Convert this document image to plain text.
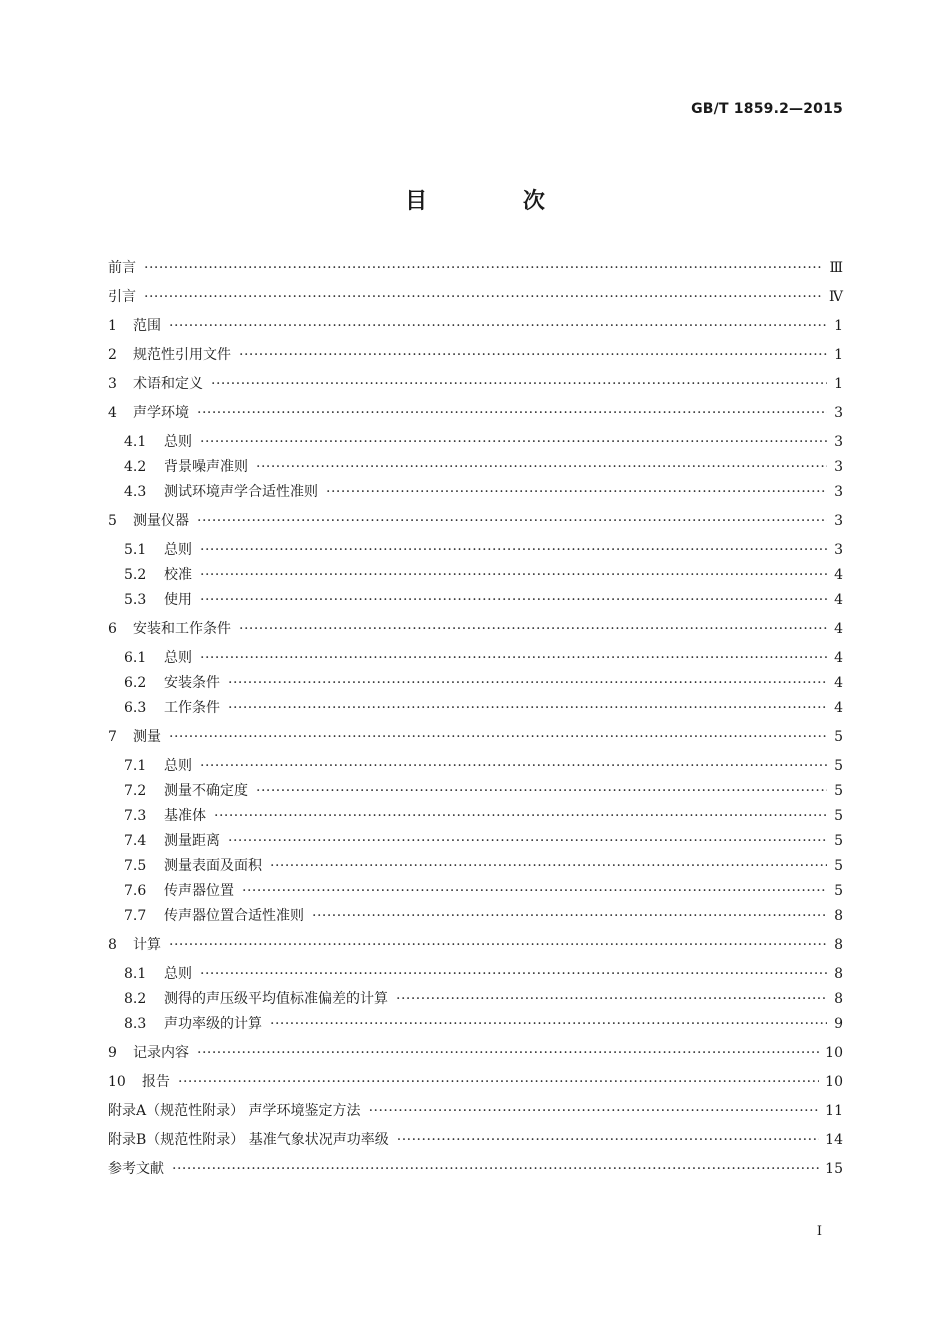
GB/T 1859.2—2015
目 次
前言 ·····	Ⅲ
引言 ·····	Ⅳ
1 范围 ·····	1
2 规范性引用文件 ·····	1
3 术语和定义 ·····	1
4 声学环境 ·····	3
4.1 总则 ·····	3
4.2 背景噪声准则 ·····	3
4.3 测试环境声学合适性准则 ·····	3
5 测量仪器 ·····	3
5.1 总则 ·····	3
5.2 校准 ·····	4
5.3 使用 ·····	4
6 安装和工作条件 ·····	4
6.1 总则 ·····	4
6.2 安装条件 ·····	4
6.3 工作条件 ·····	4
7 测量 ·····	5
7.1 总则 ·····	5
7.2 测量不确定度 ·····	5
7.3 基准体 ·····	5
7.4 测量距离 ·····	5
7.5 测量表面及面积 ·····	5
7.6 传声器位置 ·····	5
7.7 传声器位置合适性准则 ·····	8
8 计算 ·····	8
8.1 总则 ·····	8
8.2 测得的声压级平均值标准偏差的计算 ·····	8
8.3 声功率级的计算 ·····	9
9 记录内容 ·····	10
10 报告 ·····	10
附录A（规范性附录） 声学环境鉴定方法 ·····	11
附录B（规范性附录） 基准气象状况声功率级 ·····	14
参考文献 ·····	15
Ⅰ
